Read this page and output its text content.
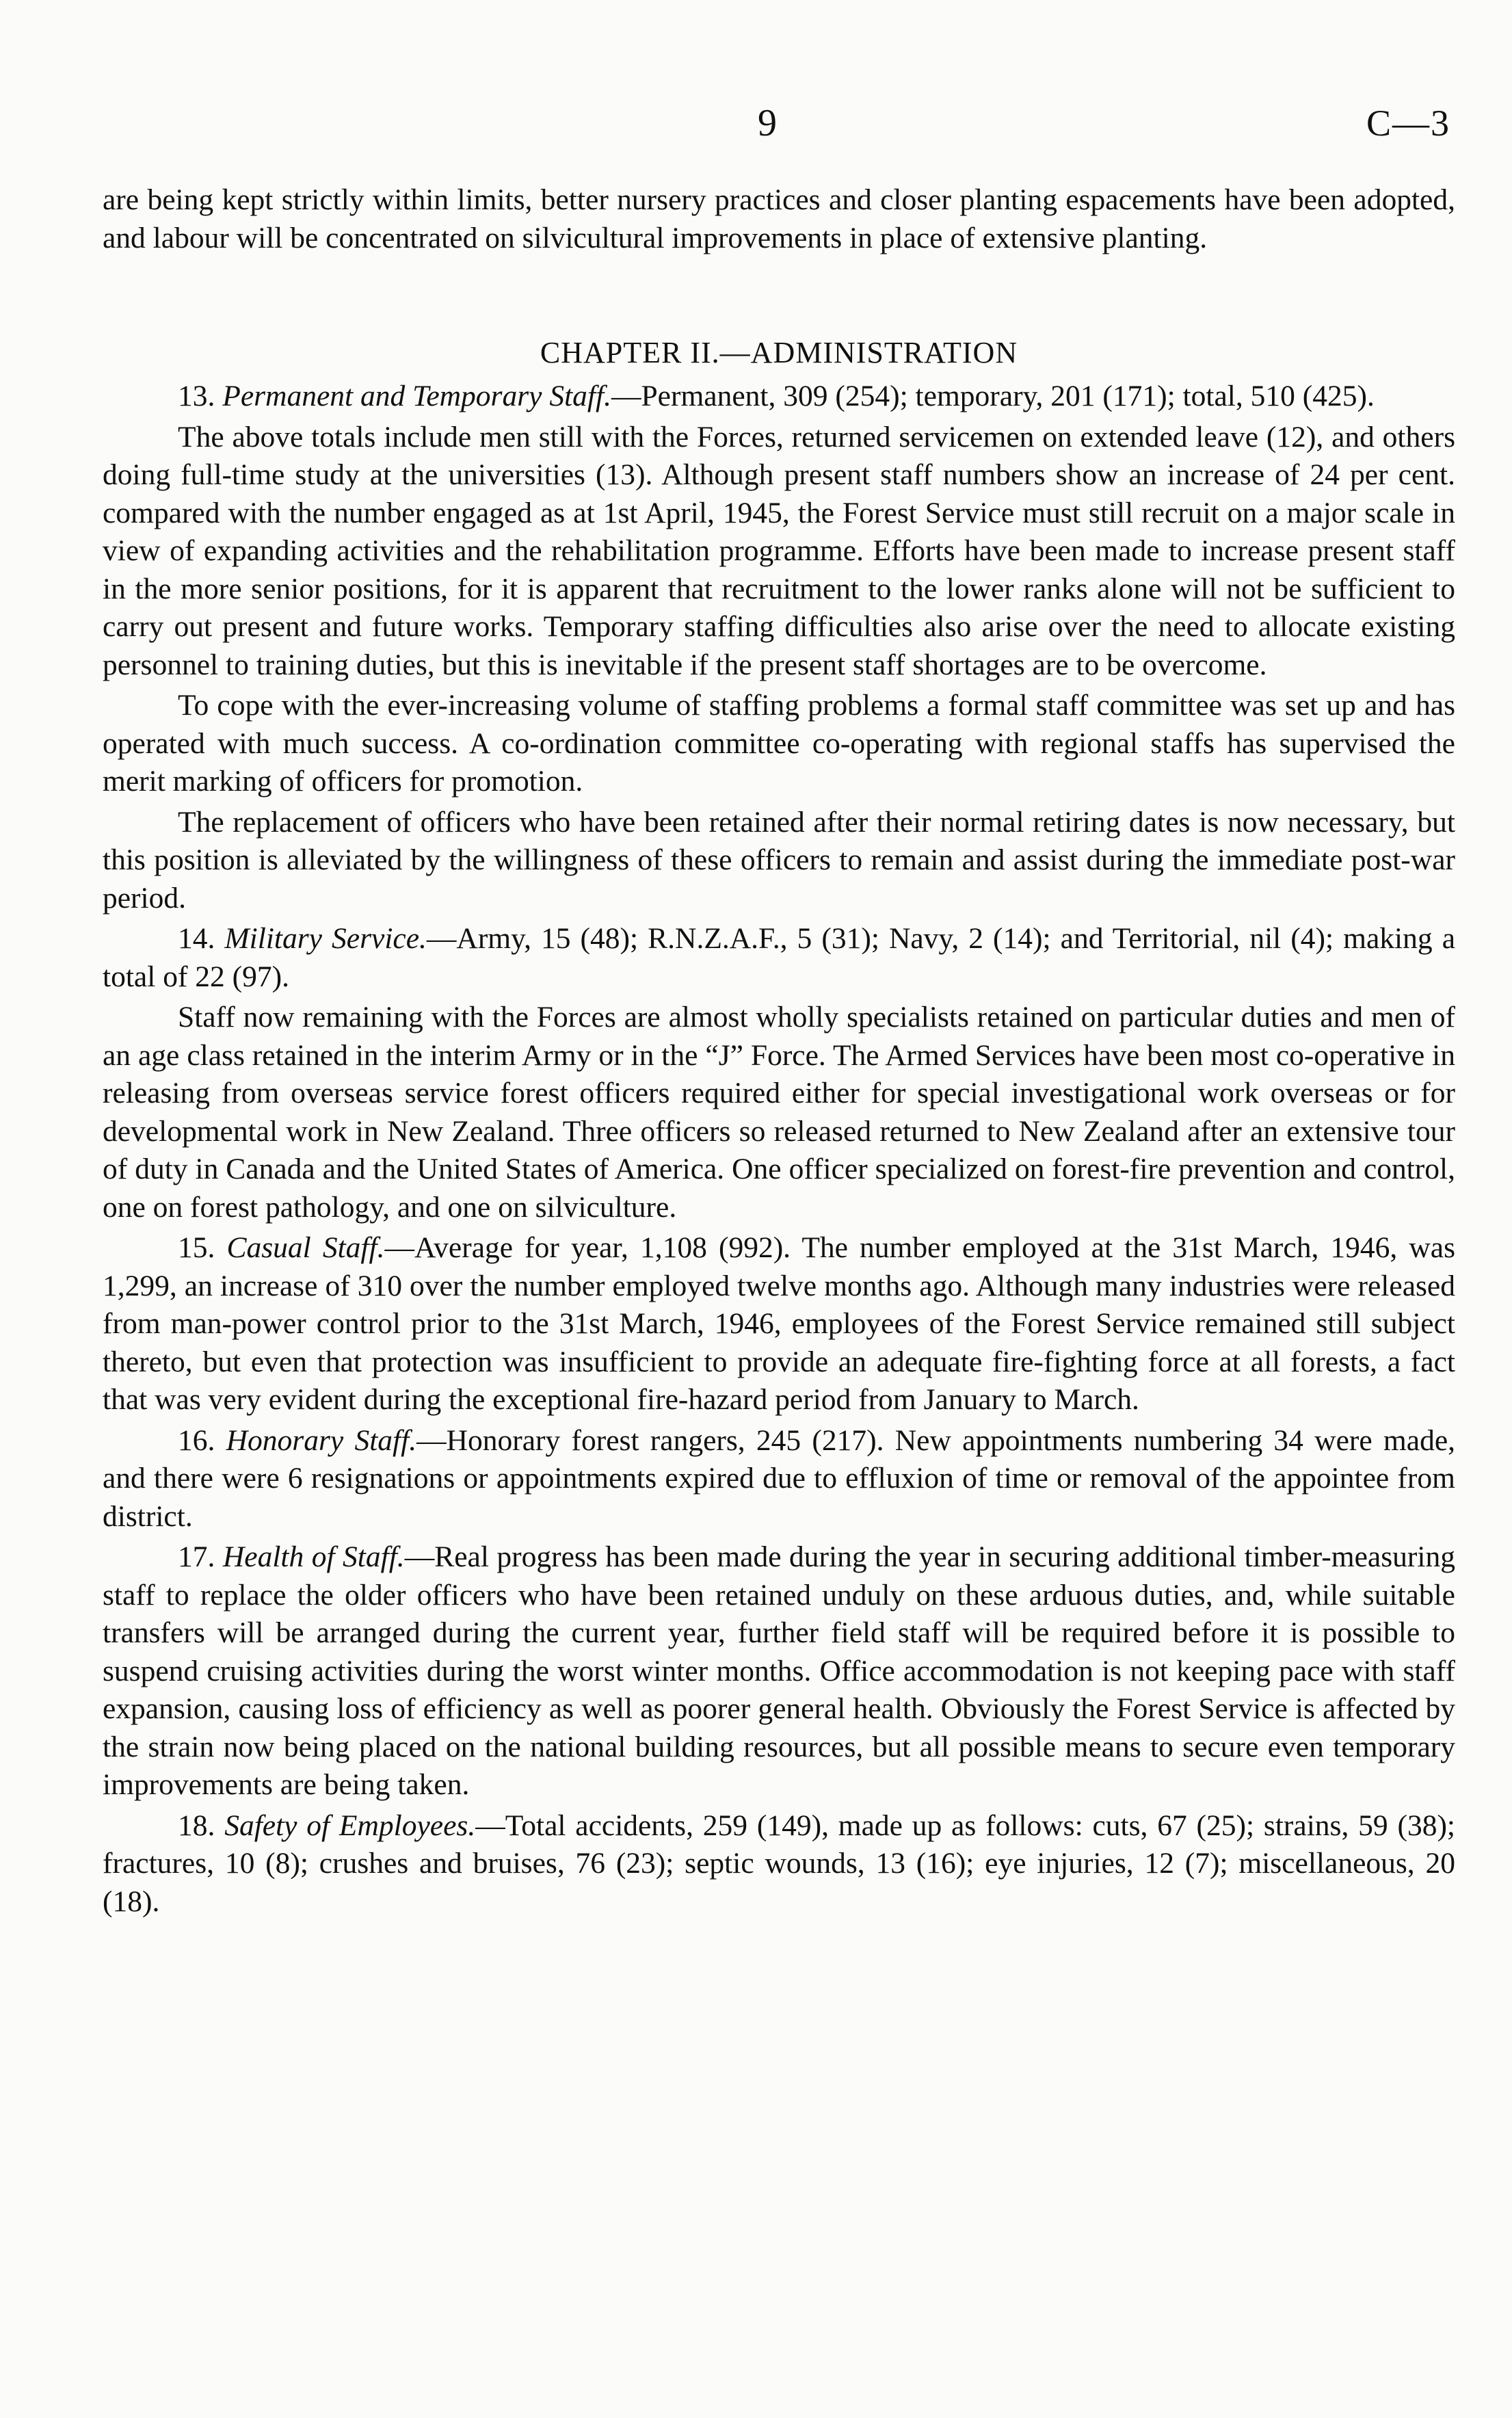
9	C—3

are being kept strictly within limits, better nursery practices and closer planting espacements have been adopted, and labour will be concentrated on silvicultural improvements in place of extensive planting.

CHAPTER II.—ADMINISTRATION

13. Permanent and Temporary Staff.—Permanent, 309 (254); temporary, 201 (171); total, 510 (425).

The above totals include men still with the Forces, returned servicemen on extended leave (12), and others doing full-time study at the universities (13). Although present staff numbers show an increase of 24 per cent. compared with the number engaged as at 1st April, 1945, the Forest Service must still recruit on a major scale in view of expanding activities and the rehabilitation programme. Efforts have been made to increase present staff in the more senior positions, for it is apparent that recruitment to the lower ranks alone will not be sufficient to carry out present and future works. Temporary staffing difficulties also arise over the need to allocate existing personnel to training duties, but this is inevitable if the present staff shortages are to be overcome.

To cope with the ever-increasing volume of staffing problems a formal staff committee was set up and has operated with much success. A co-ordination committee co-operating with regional staffs has supervised the merit marking of officers for promotion.

The replacement of officers who have been retained after their normal retiring dates is now necessary, but this position is alleviated by the willingness of these officers to remain and assist during the immediate post-war period.

14. Military Service.—Army, 15 (48); R.N.Z.A.F., 5 (31); Navy, 2 (14); and Territorial, nil (4); making a total of 22 (97).

Staff now remaining with the Forces are almost wholly specialists retained on particular duties and men of an age class retained in the interim Army or in the “J” Force. The Armed Services have been most co-operative in releasing from overseas service forest officers required either for special investigational work overseas or for developmental work in New Zealand. Three officers so released returned to New Zealand after an extensive tour of duty in Canada and the United States of America. One officer specialized on forest-fire prevention and control, one on forest pathology, and one on silviculture.

15. Casual Staff.—Average for year, 1,108 (992). The number employed at the 31st March, 1946, was 1,299, an increase of 310 over the number employed twelve months ago. Although many industries were released from man-power control prior to the 31st March, 1946, employees of the Forest Service remained still subject thereto, but even that protection was insufficient to provide an adequate fire-fighting force at all forests, a fact that was very evident during the exceptional fire-hazard period from January to March.

16. Honorary Staff.—Honorary forest rangers, 245 (217). New appointments numbering 34 were made, and there were 6 resignations or appointments expired due to effluxion of time or removal of the appointee from district.

17. Health of Staff.—Real progress has been made during the year in securing additional timber-measuring staff to replace the older officers who have been retained unduly on these arduous duties, and, while suitable transfers will be arranged during the current year, further field staff will be required before it is possible to suspend cruising activities during the worst winter months. Office accommodation is not keeping pace with staff expansion, causing loss of efficiency as well as poorer general health. Obviously the Forest Service is affected by the strain now being placed on the national building resources, but all possible means to secure even temporary improvements are being taken.

18. Safety of Employees.—Total accidents, 259 (149), made up as follows: cuts, 67 (25); strains, 59 (38); fractures, 10 (8); crushes and bruises, 76 (23); septic wounds, 13 (16); eye injuries, 12 (7); miscellaneous, 20 (18).
